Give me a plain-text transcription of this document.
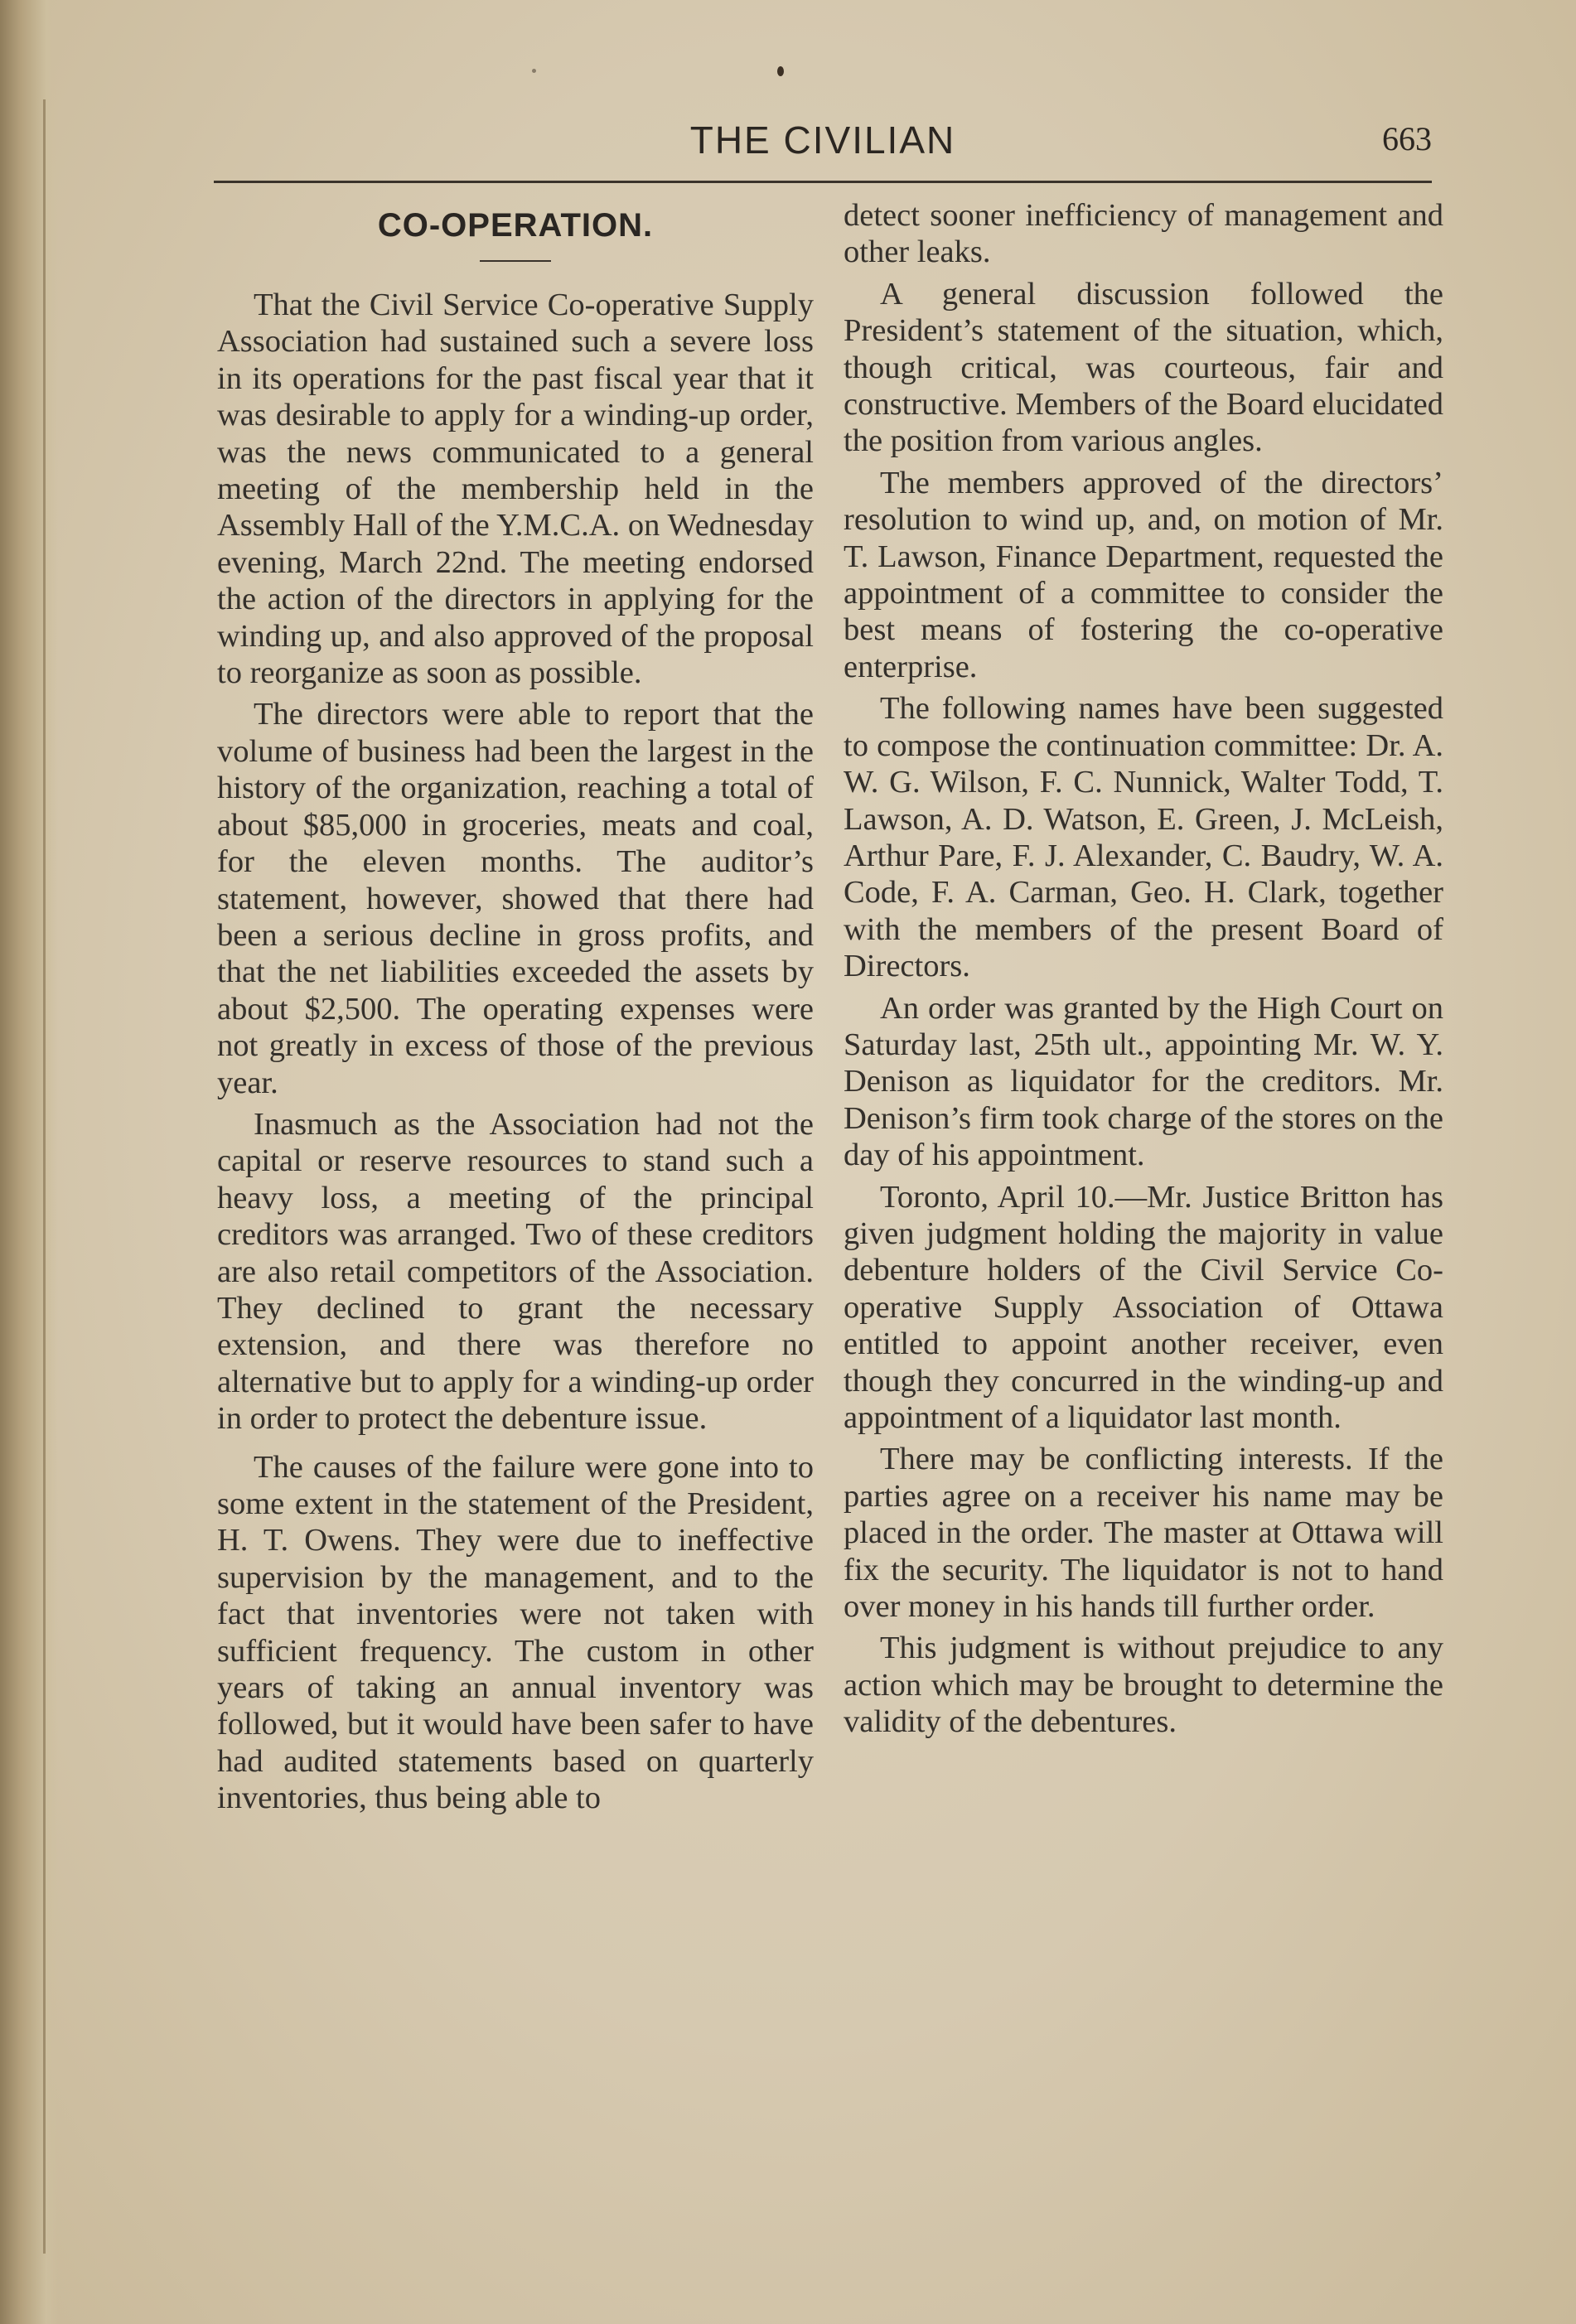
THE CIVILIAN	663
CO-OPERATION.

That the Civil Service Co-operative Supply Association had sustained such a severe loss in its operations for the past fiscal year that it was desirable to apply for a winding-up order, was the news communicated to a general meeting of the membership held in the Assembly Hall of the Y.M.C.A. on Wednesday evening, March 22nd. The meeting endorsed the action of the directors in applying for the winding up, and also approved of the proposal to reorganize as soon as possible.

The directors were able to report that the volume of business had been the largest in the history of the organization, reaching a total of about $85,000 in groceries, meats and coal, for the eleven months. The auditor’s statement, however, showed that there had been a serious decline in gross profits, and that the net liabilities exceeded the assets by about $2,500. The operating expenses were not greatly in excess of those of the previous year.

Inasmuch as the Association had not the capital or reserve resources to stand such a heavy loss, a meeting of the principal creditors was arranged. Two of these creditors are also retail competitors of the Association. They declined to grant the necessary extension, and there was therefore no alternative but to apply for a winding-up order in order to protect the debenture issue.

The causes of the failure were gone into to some extent in the statement of the President, H. T. Owens. They were due to ineffective supervision by the management, and to the fact that inventories were not taken with sufficient frequency. The custom in other years of taking an annual inventory was followed, but it would have been safer to have had audited statements based on quarterly inventories, thus being able to

detect sooner inefficiency of management and other leaks.

A general discussion followed the President’s statement of the situation, which, though critical, was courteous, fair and constructive. Members of the Board elucidated the position from various angles.

The members approved of the directors’ resolution to wind up, and, on motion of Mr. T. Lawson, Finance Department, requested the appointment of a committee to consider the best means of fostering the co-operative enterprise.

The following names have been suggested to compose the continuation committee: Dr. A. W. G. Wilson, F. C. Nunnick, Walter Todd, T. Lawson, A. D. Watson, E. Green, J. McLeish, Arthur Pare, F. J. Alexander, C. Baudry, W. A. Code, F. A. Carman, Geo. H. Clark, together with the members of the present Board of Directors.

An order was granted by the High Court on Saturday last, 25th ult., appointing Mr. W. Y. Denison as liquidator for the creditors. Mr. Denison’s firm took charge of the stores on the day of his appointment.

Toronto, April 10.—Mr. Justice Britton has given judgment holding the majority in value debenture holders of the Civil Service Co-operative Supply Association of Ottawa entitled to appoint another receiver, even though they concurred in the winding-up and appointment of a liquidator last month.

There may be conflicting interests. If the parties agree on a receiver his name may be placed in the order. The master at Ottawa will fix the security. The liquidator is not to hand over money in his hands till further order.

This judgment is without prejudice to any action which may be brought to determine the validity of the debentures.
